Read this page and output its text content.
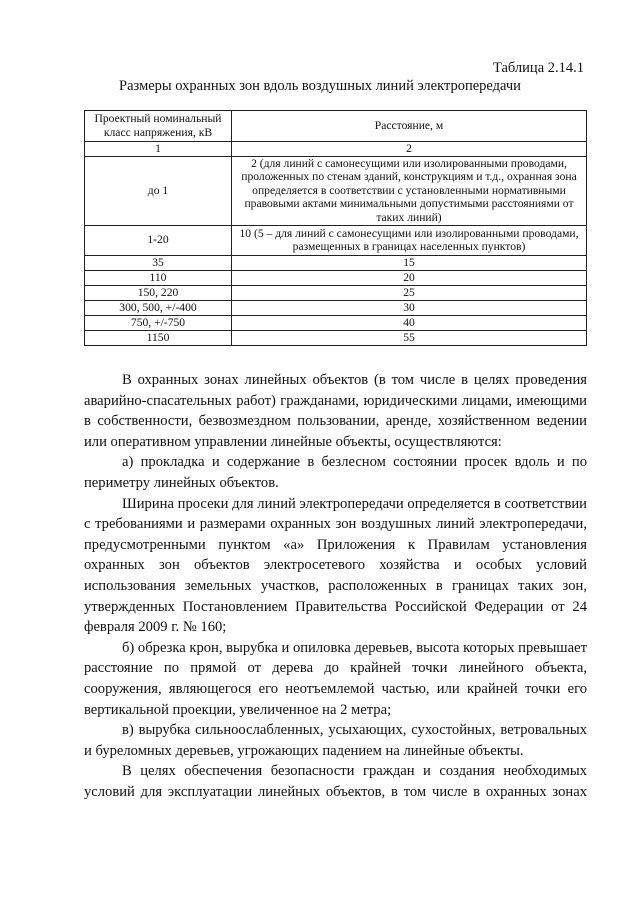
Таблица 2.14.1
Размеры охранных зон вдоль воздушных линий электропередачи
Проектный номинальный класс напряжения, кВ	Расстояние, м
1	2
до 1	2 (для линий с самонесущими или изолированными проводами, проложенных по стенам зданий, конструкциям и т.д., охранная зона определяется в соответствии с установленными нормативными правовыми актами минимальными допустимыми расстояниями от таких линий)
1-20	10 (5 – для линий с самонесущими или изолированными проводами, размещенных в границах населенных пунктов)
35	15
110	20
150, 220	25
300, 500, +/-400	30
750, +/-750	40
1150	55

В охранных зонах линейных объектов (в том числе в целях проведения аварийно-спасательных работ) гражданами, юридическими лицами, имеющими в собственности, безвозмездном пользовании, аренде, хозяйственном ведении или оперативном управлении линейные объекты, осуществляются:

а) прокладка и содержание в безлесном состоянии просек вдоль и по периметру линейных объектов.

Ширина просеки для линий электропередачи определяется в соответствии с требованиями и размерами охранных зон воздушных линий электропередачи, предусмотренными пунктом «а» Приложения к Правилам установления охранных зон объектов электросетевого хозяйства и особых условий использования земельных участков, расположенных в границах таких зон, утвержденных Постановлением Правительства Российской Федерации от 24 февраля 2009 г. № 160;

б) обрезка крон, вырубка и опиловка деревьев, высота которых превышает расстояние по прямой от дерева до крайней точки линейного объекта, сооружения, являющегося его неотъемлемой частью, или крайней точки его вертикальной проекции, увеличенное на 2 метра;

в) вырубка сильноослабленных, усыхающих, сухостойных, ветровальных и буреломных деревьев, угрожающих падением на линейные объекты.

В целях обеспечения безопасности граждан и создания необходимых условий для эксплуатации линейных объектов, в том числе в охранных зонах
